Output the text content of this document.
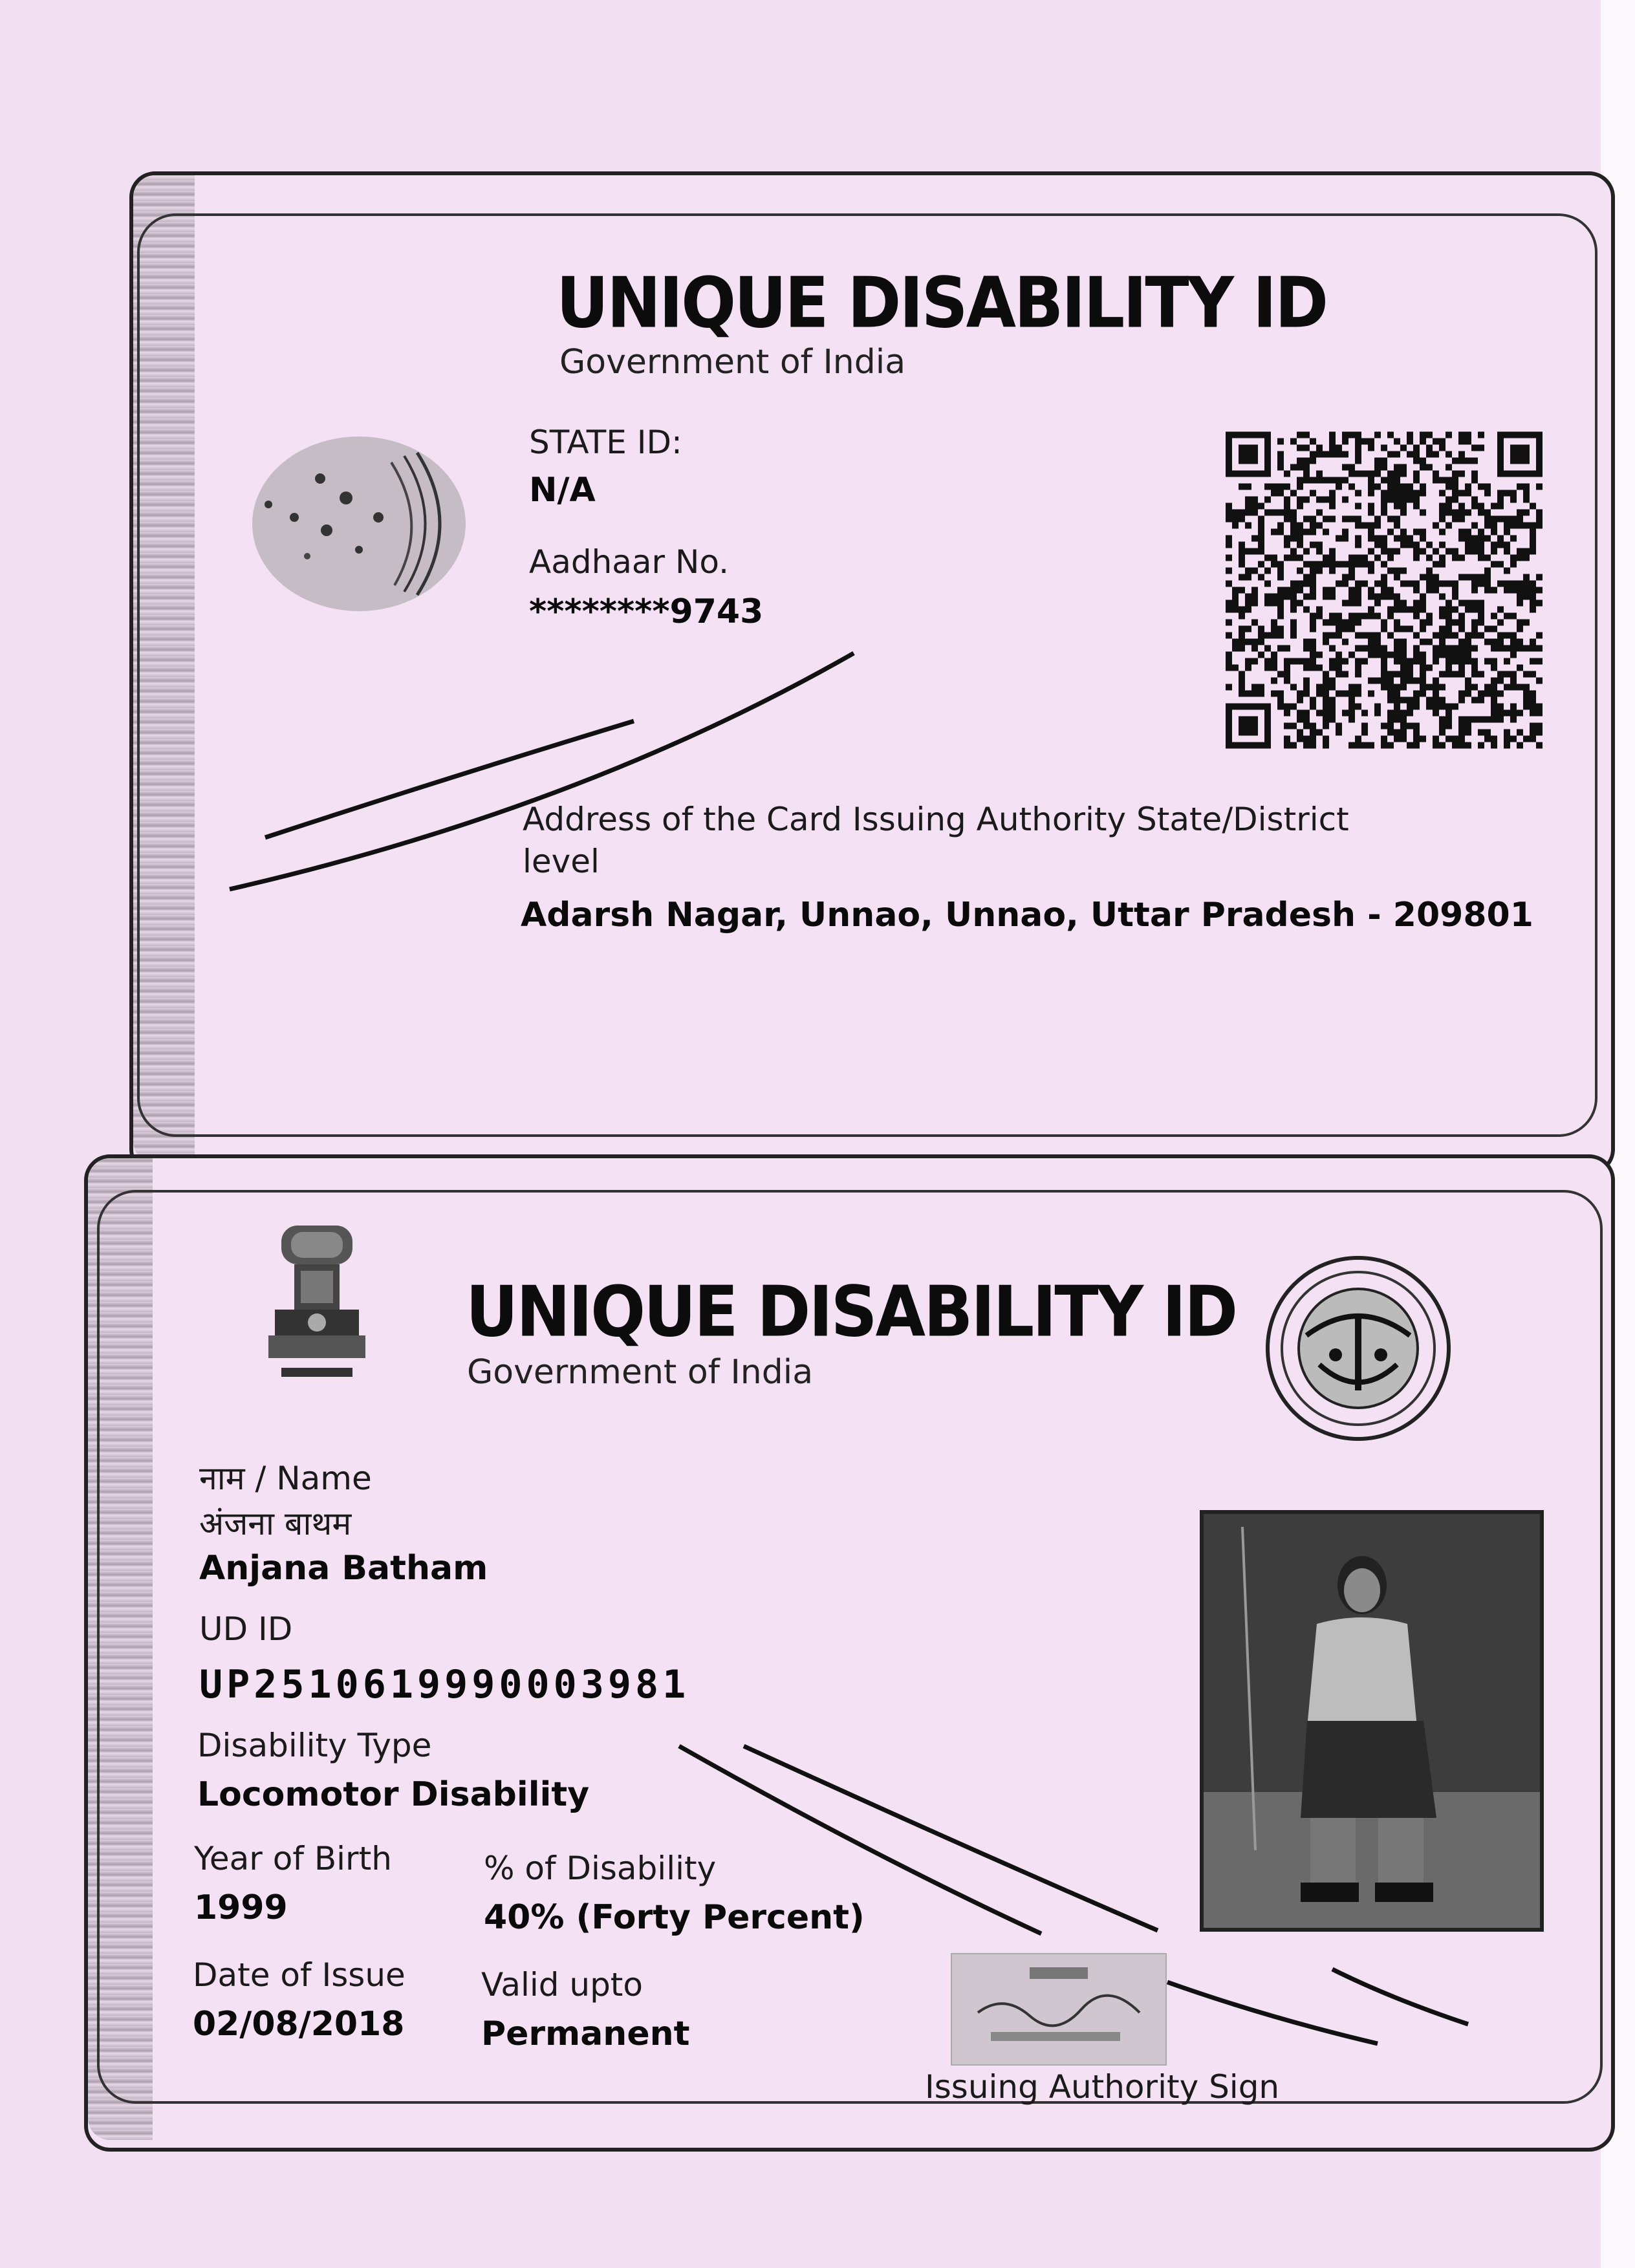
UNIQUE DISABILITY ID
Government of India
STATE ID:
N/A
Aadhaar No.
********9743
Address of the Card Issuing Authority State/District
level
Adarsh Nagar, Unnao, Unnao, Uttar Pradesh - 209801
UNIQUE DISABILITY ID
Government of India
नाम / Name
अंजना बाथम
Anjana Batham
UD ID
UP2510619990003981
Disability Type
Locomotor Disability
Year of Birth
1999
% of Disability
40% (Forty Percent)
Date of Issue
02/08/2018
Valid upto
Permanent
Issuing Authority Sign
